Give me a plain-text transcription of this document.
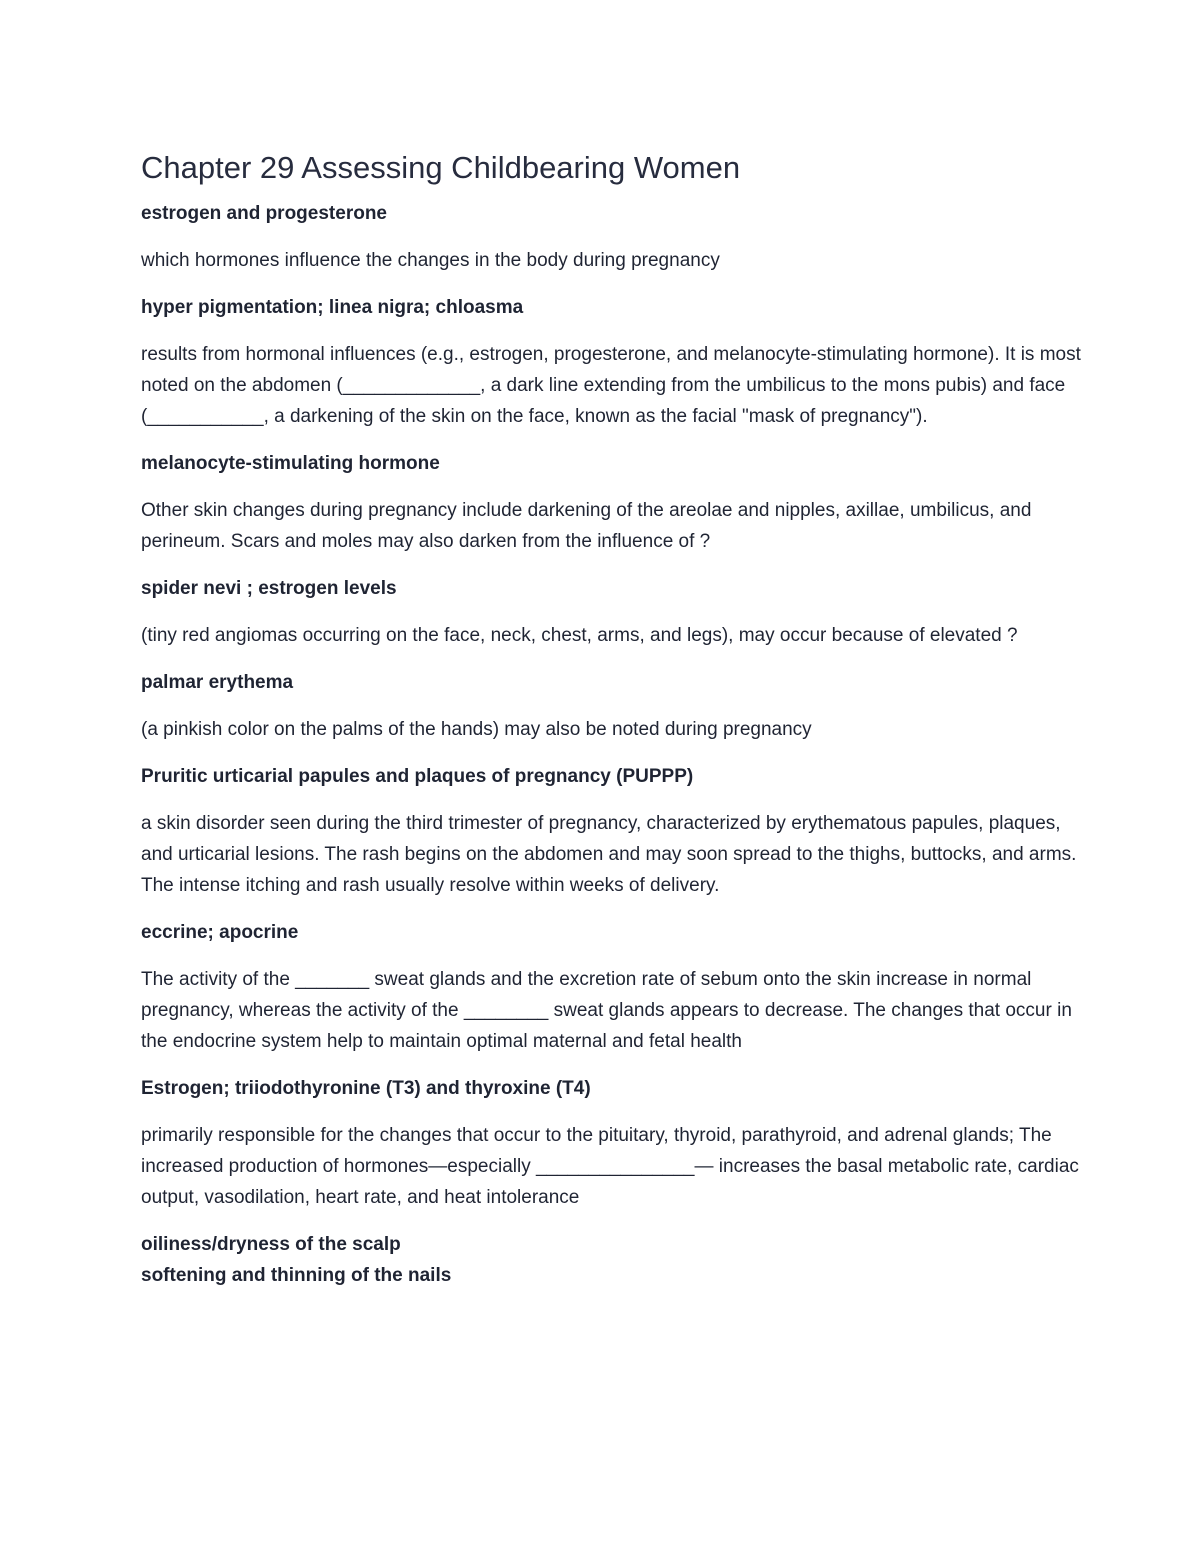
Chapter 29 Assessing Childbearing Women
estrogen and progesterone
which hormones influence the changes in the body during pregnancy
hyper pigmentation; linea nigra; chloasma
results from hormonal influences (e.g., estrogen, progesterone, and melanocyte-stimulating hormone). It is most noted on the abdomen (_____________, a dark line extending from the umbilicus to the mons pubis) and face (___________, a darkening of the skin on the face, known as the facial "mask of pregnancy").
melanocyte-stimulating hormone
Other skin changes during pregnancy include darkening of the areolae and nipples, axillae, umbilicus, and perineum. Scars and moles may also darken from the influence of ?
spider nevi ; estrogen levels
(tiny red angiomas occurring on the face, neck, chest, arms, and legs), may occur because of elevated ?
palmar erythema
(a pinkish color on the palms of the hands) may also be noted during pregnancy
Pruritic urticarial papules and plaques of pregnancy (PUPPP)
a skin disorder seen during the third trimester of pregnancy, characterized by erythematous papules, plaques, and urticarial lesions. The rash begins on the abdomen and may soon spread to the thighs, buttocks, and arms. The intense itching and rash usually resolve within weeks of delivery.
eccrine; apocrine
The activity of the _______ sweat glands and the excretion rate of sebum onto the skin increase in normal pregnancy, whereas the activity of the ________ sweat glands appears to decrease. The changes that occur in the endocrine system help to maintain optimal maternal and fetal health
Estrogen; triiodothyronine (T3) and thyroxine (T4)
primarily responsible for the changes that occur to the pituitary, thyroid, parathyroid, and adrenal glands; The increased production of hormones—especially _______________— increases the basal metabolic rate, cardiac output, vasodilation, heart rate, and heat intolerance
oiliness/dryness of the scalp
softening and thinning of the nails
